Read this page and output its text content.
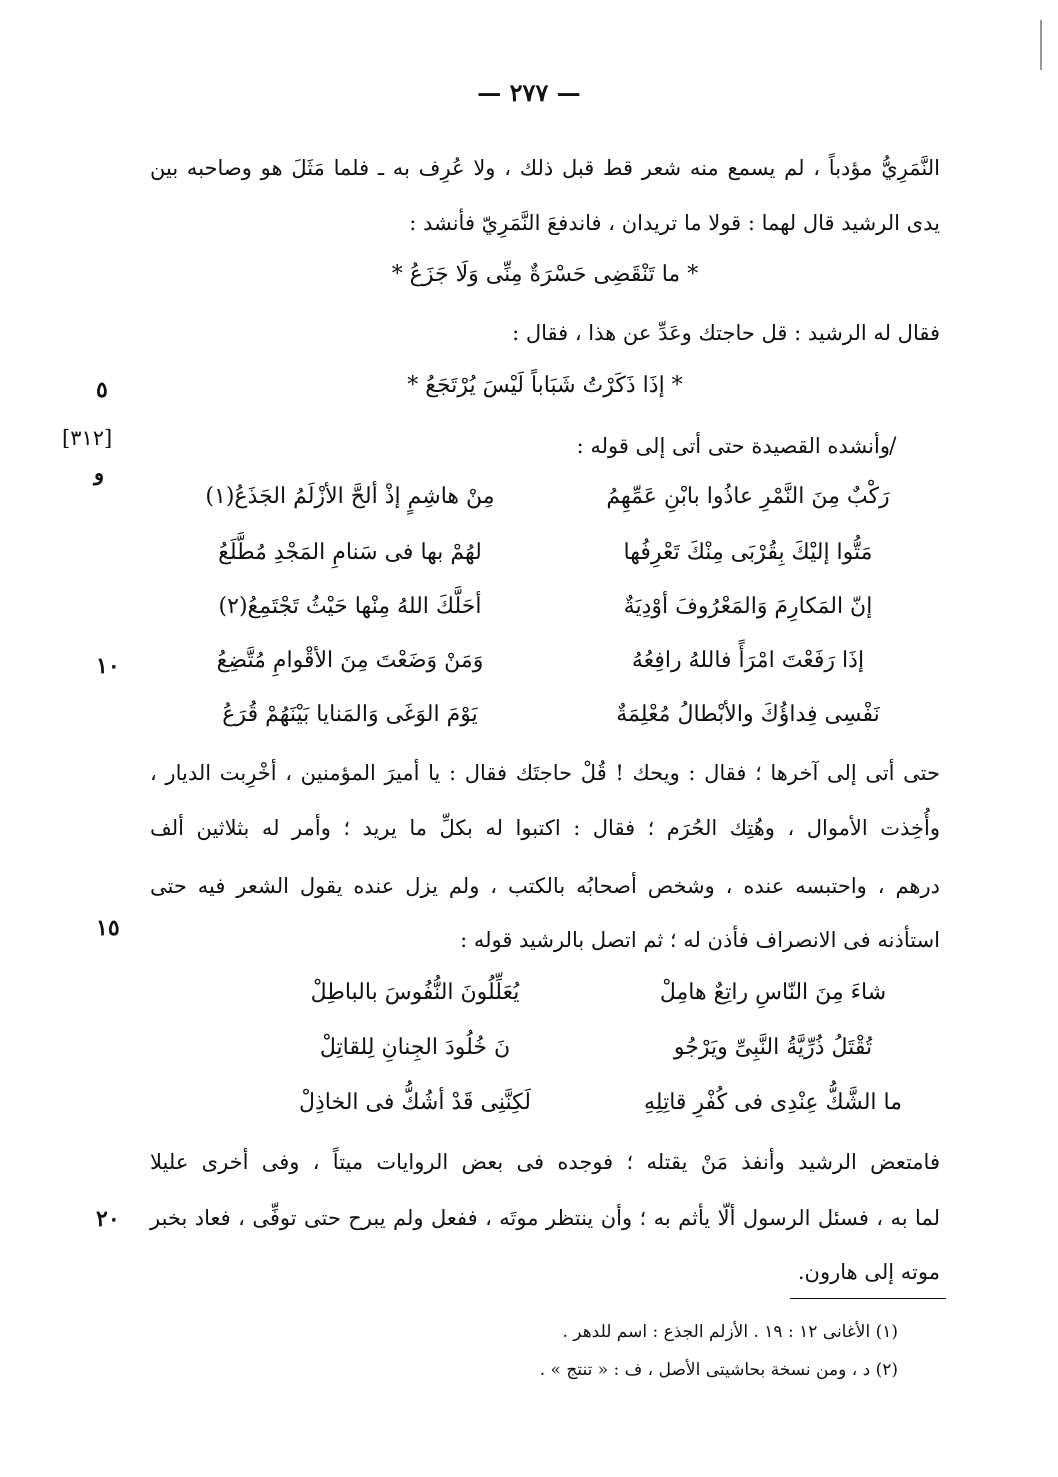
— ٢٧٧ —
النَّمَرِيُّ مؤدباً ، لم يسمع منه شعر قط قبل ذلك ، ولا عُرِف به ـ فلما مَثَلَ هو وصاحبه بين
يدى الرشيد قال لهما : قولا ما تريدان ، فاندفعَ النَّمَرِيّ فأنشد :
* ما تَنْقَضِى حَسْرَةٌ مِنِّى وَلَا جَزَعُ *
فقال له الرشيد : قل حاجتك وعَدِّ عن هذا ، فقال :
* إذَا ذَكَرْتُ شَبَاباً لَيْسَ يُرْتَجَعُ *
٥
[٣١٢]
و
/
وأنشده القصيدة حتى أتى إلى قوله :
رَكْبٌ مِنَ النَّمْرِ عاذُوا بابْنِ عَمِّهِمُ
مِنْ هاشِمٍ إذْ ألحَّ الأزْلَمُ الجَذَعُ(١)
مَتُّوا إليْكَ بِقُرْبَى مِنْكَ تَعْرِفُها
لهُمْ بها فى سَنامِ المَجْدِ مُطَّلَعُ
إنّ المَكارِمَ وَالمَعْرُوفَ أوْدِيَةٌ
أحَلَّكَ اللهُ مِنْها حَيْثُ تَجْتَمِعُ(٢)
إذَا رَفَعْتَ امْرَأً فاللهُ رافِعُهُ
وَمَنْ وَضَعْتَ مِنَ الأقْوامِ مُتَّضِعُ
١٠
نَفْسِى فِداؤُكَ والأبْطالُ مُعْلِمَةٌ
يَوْمَ الوَغَى وَالمَنايا بَيْنَهُمْ قُرَعُ
حتى أتى إلى آخرها ؛ فقال : ويحك ! قُلْ حاجتَك فقال : يا أميرَ المؤمنين ، أخْرِبت الديار ،
وأُخِذت الأموال ، وهُتِك الحُرَم ؛ فقال : اكتبوا له بكلِّ ما يريد ؛ وأمر له بثلاثين ألف
درهم ، واحتبسه عنده ، وشخص أصحابُه بالكتب ، ولم يزل عنده يقول الشعر فيه حتى
استأذنه فى الانصراف فأذن له ؛ ثم اتصل بالرشيد قوله :
١٥
شاءَ مِنَ النّاسِ راتِعٌ هامِلْ
يُعَلِّلُونَ النُّفُوسَ بالباطِلْ
تُقْتَلُ ذُرِّيَّةُ النَّبِىِّ ويَرْجُو
نَ خُلُودَ الجِنانِ لِلقاتِلْ
ما الشَّكُّ عِنْدِى فى كُفْرِ قاتِلِهِ
لَكِنَّنِى قَدْ أشُكُّ فى الخاذِلْ
فامتعض الرشيد وأنفذ مَنْ يقتله ؛ فوجده فى بعض الروايات ميتاً ، وفى أخرى عليلا
لما به ، فسئل الرسول ألّا يأثم به ؛ وأن ينتظر موتَه ، ففعل ولم يبرح حتى توفِّى ، فعاد بخبر
٢٠
موته إلى هارون.
(١) الأغانى ١٢ : ١٩ . الأزلم الجذع : اسم للدهر .
(٢) د ، ومن نسخة بحاشيتى الأصل ، ف : « تنتج » .
